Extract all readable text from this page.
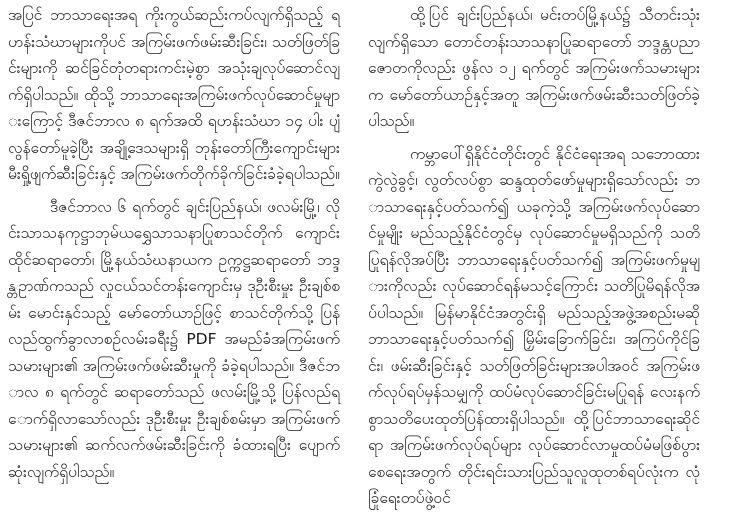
အပြင် ဘာသာရေးအရ ကိုးကွယ်ဆည်းကပ်လျက်ရှိသည့် ရဟန်းသံဃာများကိုပင် အကြမ်းဖက်ဖမ်းဆီးခြင်း၊ သတ်ဖြတ်ခြင်းများကို ဆင်ခြင်တုံတရားကင်းမဲ့စွာ အသုံးချလုပ်ဆောင်လျက်ရှိပါသည်။ ထိုသို့ ဘာသာရေးအကြမ်းဖက်လုပ်ဆောင်မှုများကြောင့် ဒီဇင်ဘာလ ၈ ရက်အထိ ရဟန်းသံဃာ ၁၄ ပါး ပျံလွန်တော်မူခဲ့ပြီး အချို့ဒေသများရှိ ဘုန်းတော်ကြီးကျောင်းများ မီးရှို့ဖျက်ဆီးခြင်းနှင့် အကြမ်းဖက်တိုက်ခိုက်ခြင်းခံခဲ့ရပါသည်။

ဒီဇင်ဘာလ ၆ ရက်တွင် ချင်းပြည်နယ်၊ ဖလမ်းမြို့၊ လိုင်းသာသနကုဋ္ဌာဘုမ်ယရွှေသာသနာပြုစာသင်တိုက် ကျောင်းထိုင်ဆရာတော်၊ မြို့နယ်သံဃနာယက ဥက္ကဋ္ဌဆရာတော် ဘဒ္ဒန္တဥာဏ်ကသည် လှုငယ်သင်တန်းကျောင်းမှ ဒုဦးစီးမှုး ဦးချစ်စမ်း မောင်းနှင်သည့် မော်တော်ယာဉ်ဖြင့် စာသင်တိုက်သို့ ပြန်လည်ထွက်ခွာလာစဉ်လမ်းခရီး၌ PDF အမည်ခံအကြမ်းဖက်သမားများ၏ အကြမ်းဖက်ဖမ်းဆီးမှုကို ခံခဲ့ရပါသည်။ ဒီဇင်ဘာလ ၈ ရက်တွင် ဆရာတော်သည် ဖလမ်းမြို့သို့ ပြန်လည်ရောက်ရှိလာသော်လည်း ဒုဦးစီးမှုး ဦးချစ်စမ်းမှာ အကြမ်းဖက်သမားများ၏ ဆက်လက်ဖမ်းဆီးခြင်းကို ခံထားရပြီး ပျောက်ဆုံးလျက်ရှိပါသည်။

ထို့ပြင် ချင်းပြည်နယ်၊ မင်းတပ်မြို့နယ်၌ သီတင်းသုံးလျက်ရှိသော တောင်တန်းသာသနာပြုဆရာတော် ဘဒ္ဒန္တပညာဇောတကိုလည်း ဖွန်လ ၁၂ ရက်တွင် အကြမ်းဖက်သမားများက မော်တော်ယာဉ်နှင့်အတူ အကြမ်းဖက်ဖမ်းဆီးသတ်ဖြတ်ခဲ့ပါသည်။

ကမ္ဘာပေါ်ရှိနိုင်ငံတိုင်းတွင် နိုင်ငံရေးအရ သဘောထားကွဲလွဲခွင့်၊ လွတ်လပ်စွာ ဆန္ဒထုတ်ဖော်မှုများရှိသော်လည်း ဘာသာရေးနှင့်ပတ်သက်၍ ယခုကဲ့သို့ အကြမ်းဖက်လုပ်ဆောင်မှုမျိုး မည်သည့်နိုင်ငံတွင်မှ လုပ်ဆောင်မှုမရှိသည်ကို သတိပြုရန်လိုအပ်ပြီး ဘာသာရေးနှင့်ပတ်သက်၍ အကြမ်းဖက်မှုများကိုလည်း လုပ်ဆောင်ရန်မသင့်ကြောင်း သတိပြုမိရန်လိုအပ်ပါသည်။ မြန်မာနိုင်ငံအတွင်းရှိ မည်သည့်အဖွဲ့အစည်းမဆို ဘာသာရေးနှင့်ပတ်သက်၍ မြှိမ်းခြောက်ခြင်း၊ အကြပ်ကိုင်ခြင်း၊ ဖမ်းဆီးခြင်းနှင့် သတ်ဖြတ်ခြင်းများအပါအဝင် အကြမ်းဖက်လုပ်ရပ်မှန်သမျှကို ထပ်မံလုပ်ဆောင်ခြင်းမပြုရန် လေးနက်စွာသတိပေးထုတ်ပြန်ထားရှိပါသည်။ ထို့ပြင်ဘာသာရေးဆိုင်ရာ အကြမ်းဖက်လုပ်ရပ်များ လုပ်ဆောင်လာမှုထပ်မံမဖြစ်ပွားစေရေးအတွက် တိုင်းရင်းသားပြည်သူလူထုတစ်ရပ်လုံးက လုံခြုံရေးတပ်ဖွဲ့ဝင်
